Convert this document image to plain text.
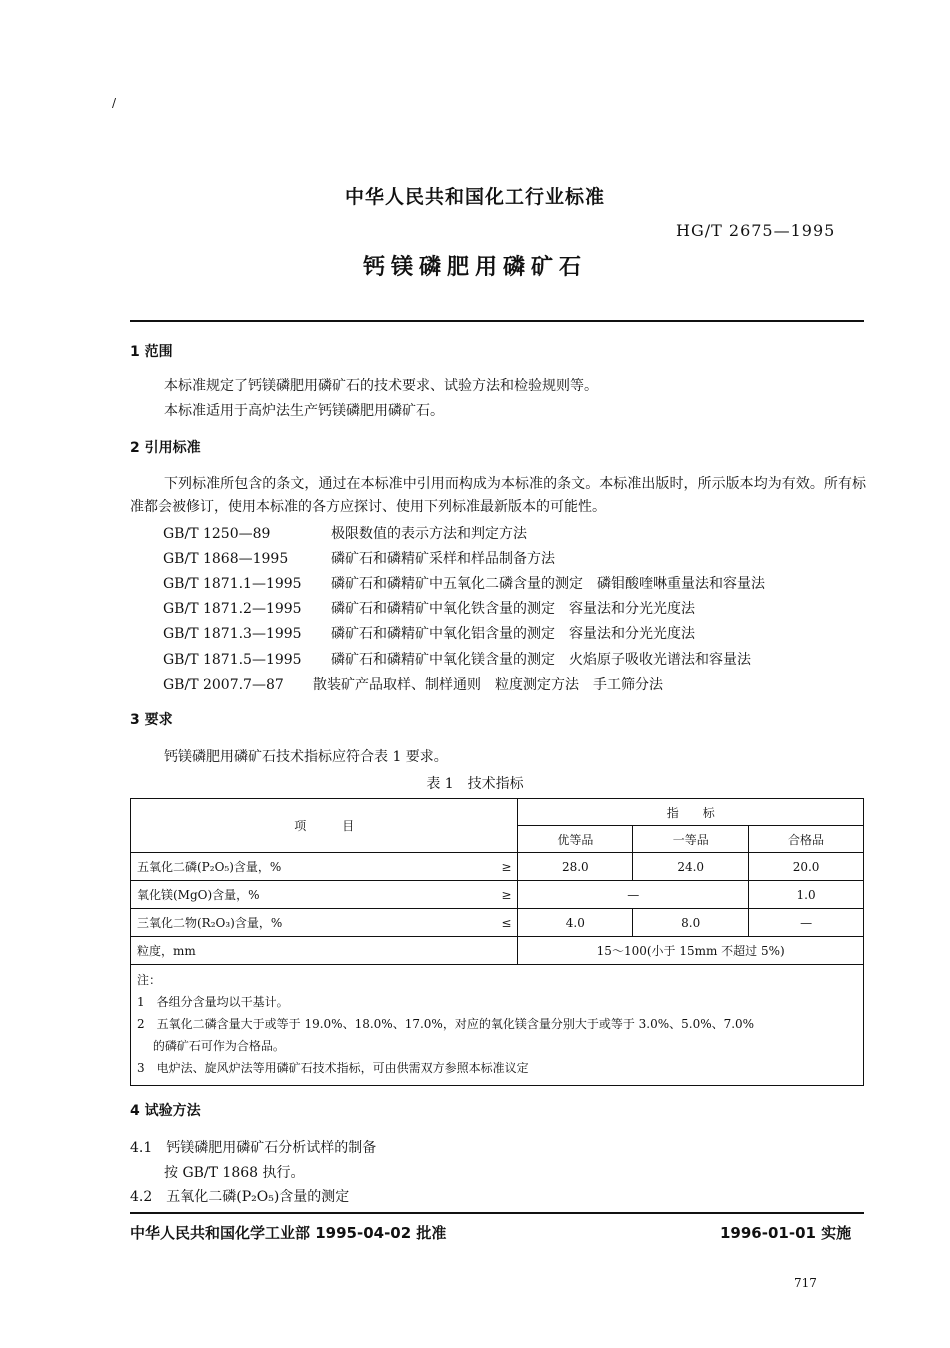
/
中华人民共和国化工行业标准
HG/T 2675—1995
钙镁磷肥用磷矿石
1 范围
本标准规定了钙镁磷肥用磷矿石的技术要求、试验方法和检验规则等。
本标准适用于高炉法生产钙镁磷肥用磷矿石。
2 引用标准
下列标准所包含的条文，通过在本标准中引用而构成为本标准的条文。本标准出版时，所示版本均为有效。所有标准都会被修订，使用本标准的各方应探讨、使用下列标准最新版本的可能性。
GB/T 1250—89	极限数值的表示方法和判定方法
GB/T 1868—1995	磷矿石和磷精矿采样和样品制备方法
GB/T 1871.1—1995 磷矿石和磷精矿中五氧化二磷含量的测定　磷钼酸喹啉重量法和容量法
GB/T 1871.2—1995 磷矿石和磷精矿中氧化铁含量的测定　容量法和分光光度法
GB/T 1871.3—1995 磷矿石和磷精矿中氧化铝含量的测定　容量法和分光光度法
GB/T 1871.5—1995 磷矿石和磷精矿中氧化镁含量的测定　火焰原子吸收光谱法和容量法
GB/T 2007.7—87 散装矿产品取样、制样通则　粒度测定方法　手工筛分法
3 要求
钙镁磷肥用磷矿石技术指标应符合表 1 要求。
表 1　技术指标
项　　　目	指　　标		
	优等品	一等品	合格品

五氧化二磷(P₂O₅)含量，% ≥	28.0	24.0	20.0

氧化镁(MgO)含量，% ≥	—		1.0

三氧化二物(R₂O₃)含量，% ≤	4.0	8.0	—

粒度，mm	15～100(小于 15mm 不超过 5%)		

注：
1　各组分含量均以干基计。
2　五氧化二磷含量大于或等于 19.0%、18.0%、17.0%，对应的氧化镁含量分别大于或等于 3.0%、5.0%、7.0%
　 的磷矿石可作为合格品。
3　电炉法、旋风炉法等用磷矿石技术指标，可由供需双方参照本标准议定			
4 试验方法
4.1　钙镁磷肥用磷矿石分析试样的制备
按 GB/T 1868 执行。
4.2　五氧化二磷(P₂O₅)含量的测定
中华人民共和国化学工业部 1995-04-02 批准	1996-01-01 实施
717
